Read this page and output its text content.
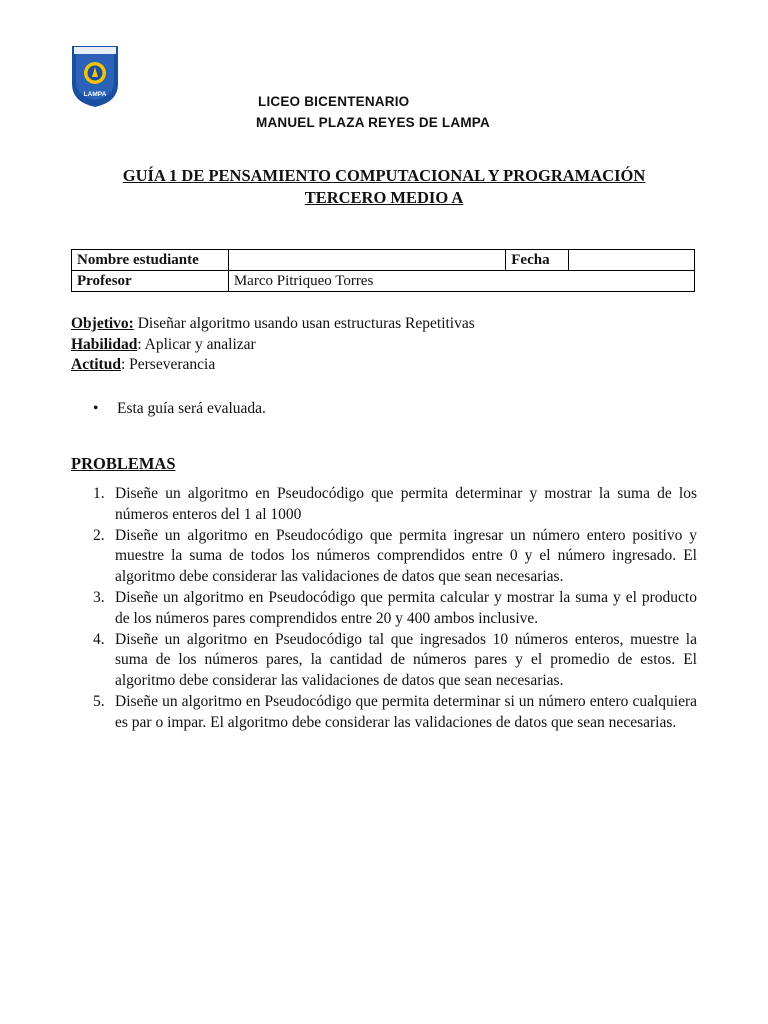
LAMPA	LICEO BICENTENARIO
MANUEL PLAZA REYES DE LAMPA
GUÍA 1 DE PENSAMIENTO COMPUTACIONAL Y PROGRAMACIÓN
TERCERO MEDIO A
Nombre estudiante		Fecha	
Profesor	Marco Pitriqueo Torres		
Objetivo: Diseñar algoritmo usando usan estructuras Repetitivas
Habilidad: Aplicar y analizar
Actitud: Perseverancia
• Esta guía será evaluada.
PROBLEMAS
1. Diseñe un algoritmo en Pseudocódigo que permita determinar y mostrar la suma de los números enteros del 1 al 1000
2. Diseñe un algoritmo en Pseudocódigo que permita ingresar un número entero positivo y muestre la suma de todos los números comprendidos entre 0 y el número ingresado. El algoritmo debe considerar las validaciones de datos que sean necesarias.
3. Diseñe un algoritmo en Pseudocódigo que permita calcular y mostrar la suma y el producto de los números pares comprendidos entre 20 y 400 ambos inclusive.
4. Diseñe un algoritmo en Pseudocódigo tal que ingresados 10 números enteros, muestre la suma de los números pares, la cantidad de números pares y el promedio de estos. El algoritmo debe considerar las validaciones de datos que sean necesarias.
5. Diseñe un algoritmo en Pseudocódigo que permita determinar si un número entero cualquiera es par o impar. El algoritmo debe considerar las validaciones de datos que sean necesarias.
